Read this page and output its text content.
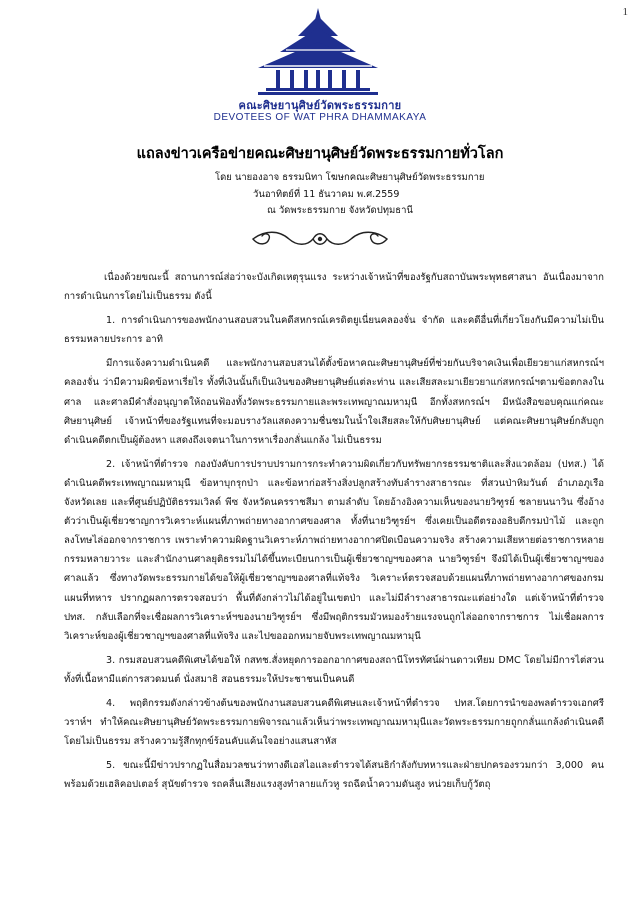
1
คณะศิษยานุศิษย์วัดพระธรรมกาย
DEVOTEES OF WAT PHRA DHAMMAKAYA
แถลงข่าวเครือข่ายคณะศิษยานุศิษย์วัดพระธรรมกายทั่วโลก
โดย นายองอาจ ธรรมนิทา โฆษกคณะศิษยานุศิษย์วัดพระธรรมกาย
วันอาทิตย์ที่ 11 ธันวาคม พ.ศ.2559
ณ วัดพระธรรมกาย จังหวัดปทุมธานี

เนื่องด้วยขณะนี้ สถานการณ์ส่อว่าจะบังเกิดเหตุรุนแรง ระหว่างเจ้าหน้าที่ของรัฐกับสถาบันพระพุทธศาสนา อันเนื่องมาจากการดำเนินการโดยไม่เป็นธรรม ดังนี้

1. การดำเนินการของพนักงานสอบสวนในคดีสหกรณ์เครดิตยูเนี่ยนคลองจั่น จำกัด และคดีอื่นที่เกี่ยวโยงกันมีความไม่เป็นธรรมหลายประการ อาทิ

มีการแจ้งความดำเนินคดี และพนักงานสอบสวนได้ตั้งข้อหาคณะศิษยานุศิษย์ที่ช่วยกันบริจาคเงินเพื่อเยียวยาแก่สหกรณ์ฯคลองจั่น ว่ามีความผิดข้อหาเรี่ยไร ทั้งที่เงินนั้นก็เป็นเงินของศิษยานุศิษย์แต่ละท่าน และเสียสละมาเยียวยาแก่สหกรณ์ฯตามข้อตกลงในศาล และศาลมีคำสั่งอนุญาตให้ถอนฟ้องทั้งวัดพระธรรมกายและพระเทพญาณมหามุนี อีกทั้งสหกรณ์ฯ มีหนังสือขอบคุณแก่คณะศิษยานุศิษย์ เจ้าหน้าที่ของรัฐแทนที่จะมอบรางวัลแสดงความชื่นชมในน้ำใจเสียสละให้กับศิษยานุศิษย์ แต่คณะศิษยานุศิษย์กลับถูกดำเนินคดีตกเป็นผู้ต้องหา แสดงถึงเจตนาในการหาเรื่องกลั่นแกล้ง ไม่เป็นธรรม

2. เจ้าหน้าที่ตำรวจ กองบังคับการปราบปรามการกระทำความผิดเกี่ยวกับทรัพยากรธรรมชาติและสิ่งแวดล้อม (ปทส.) ได้ดำเนินคดีพระเทพญาณมหามุนี ข้อหาบุกรุกป่า และข้อหาก่อสร้างสิ่งปลูกสร้างทับลำรางสาธารณะ ที่สวนป่าหิมวันต์ อำเภอภูเรือ จังหวัดเลย และที่ศูนย์ปฏิบัติธรรมเวิลด์ พีซ จังหวัดนครราชสีมา ตามลำดับ โดยอ้างอิงความเห็นของนายวิฑูรย์ ชลายนนาวิน ซึ่งอ้างตัวว่าเป็นผู้เชี่ยวชาญการวิเคราะห์แผนที่ภาพถ่ายทางอากาศของศาล ทั้งที่นายวิฑูรย์ฯ ซึ่งเคยเป็นอดีตรองอธิบดีกรมป่าไม้ และถูกลงโทษไล่ออกจากราชการ เพราะทำความผิดฐานวิเคราะห์ภาพถ่ายทางอากาศปิดเบือนความจริง สร้างความเสียหายต่อราชการหลายกรรมหลายวาระ และสำนักงานศาลยุติธรรมไม่ได้ขึ้นทะเบียนการเป็นผู้เชี่ยวชาญฯของศาล นายวิฑูรย์ฯ จึงมิได้เป็นผู้เชี่ยวชาญฯของศาลแล้ว ซึ่งทางวัดพระธรรมกายได้ขอให้ผู้เชี่ยวชาญฯของศาลที่แท้จริง วิเคราะห์ตรวจสอบด้วยแผนที่ภาพถ่ายทางอากาศของกรมแผนที่ทหาร ปรากฏผลการตรวจสอบว่า พื้นที่ดังกล่าวไม่ได้อยู่ในเขตป่า และไม่มีลำรางสาธารณะแต่อย่างใด แต่เจ้าหน้าที่ตำรวจ ปทส. กลับเลือกที่จะเชื่อผลการวิเคราะห์ฯของนายวิฑูรย์ฯ ซึ่งมีพฤติกรรมมัวหมองร้ายแรงจนถูกไล่ออกจากราชการ ไม่เชื่อผลการวิเคราะห์ของผู้เชี่ยวชาญฯของศาลที่แท้จริง และไปขอออกหมายจับพระเทพญาณมหามุนี

3. กรมสอบสวนคดีพิเศษได้ขอให้ กสทช.สั่งหยุดการออกอากาศของสถานีโทรทัศน์ผ่านดาวเทียม DMC โดยไม่มีการไต่สวน ทั้งที่เนื้อหามีแต่การสวดมนต์ นั่งสมาธิ สอนธรรมะให้ประชาชนเป็นคนดี

4. พฤติกรรมดังกล่าวข้างต้นของพนักงานสอบสวนคดีพิเศษและเจ้าหน้าที่ตำรวจ ปทส.โดยการนำของพลตำรวจเอกศรีวราห์ฯ ทำให้คณะศิษยานุศิษย์วัดพระธรรมกายพิจารณาแล้วเห็นว่าพระเทพญาณมหามุนีและวัดพระธรรมกายถูกกลั่นแกล้งดำเนินคดีโดยไม่เป็นธรรม สร้างความรู้สึกทุกข์ร้อนคับแค้นใจอย่างแสนสาหัส

5. ขณะนี้มีข่าวปรากฏในสื่อมวลชนว่าทางดีเอสไอและตำรวจได้สนธิกำลังกับทหารและฝ่ายปกครองรวมกว่า 3,000 คน พร้อมด้วยเฮลิคอปเตอร์ สุนัขตำรวจ รถคลื่นเสียงแรงสูงทำลายแก้วหู รถฉีดน้ำความดันสูง หน่วยเก็บกู้วัตถุ
